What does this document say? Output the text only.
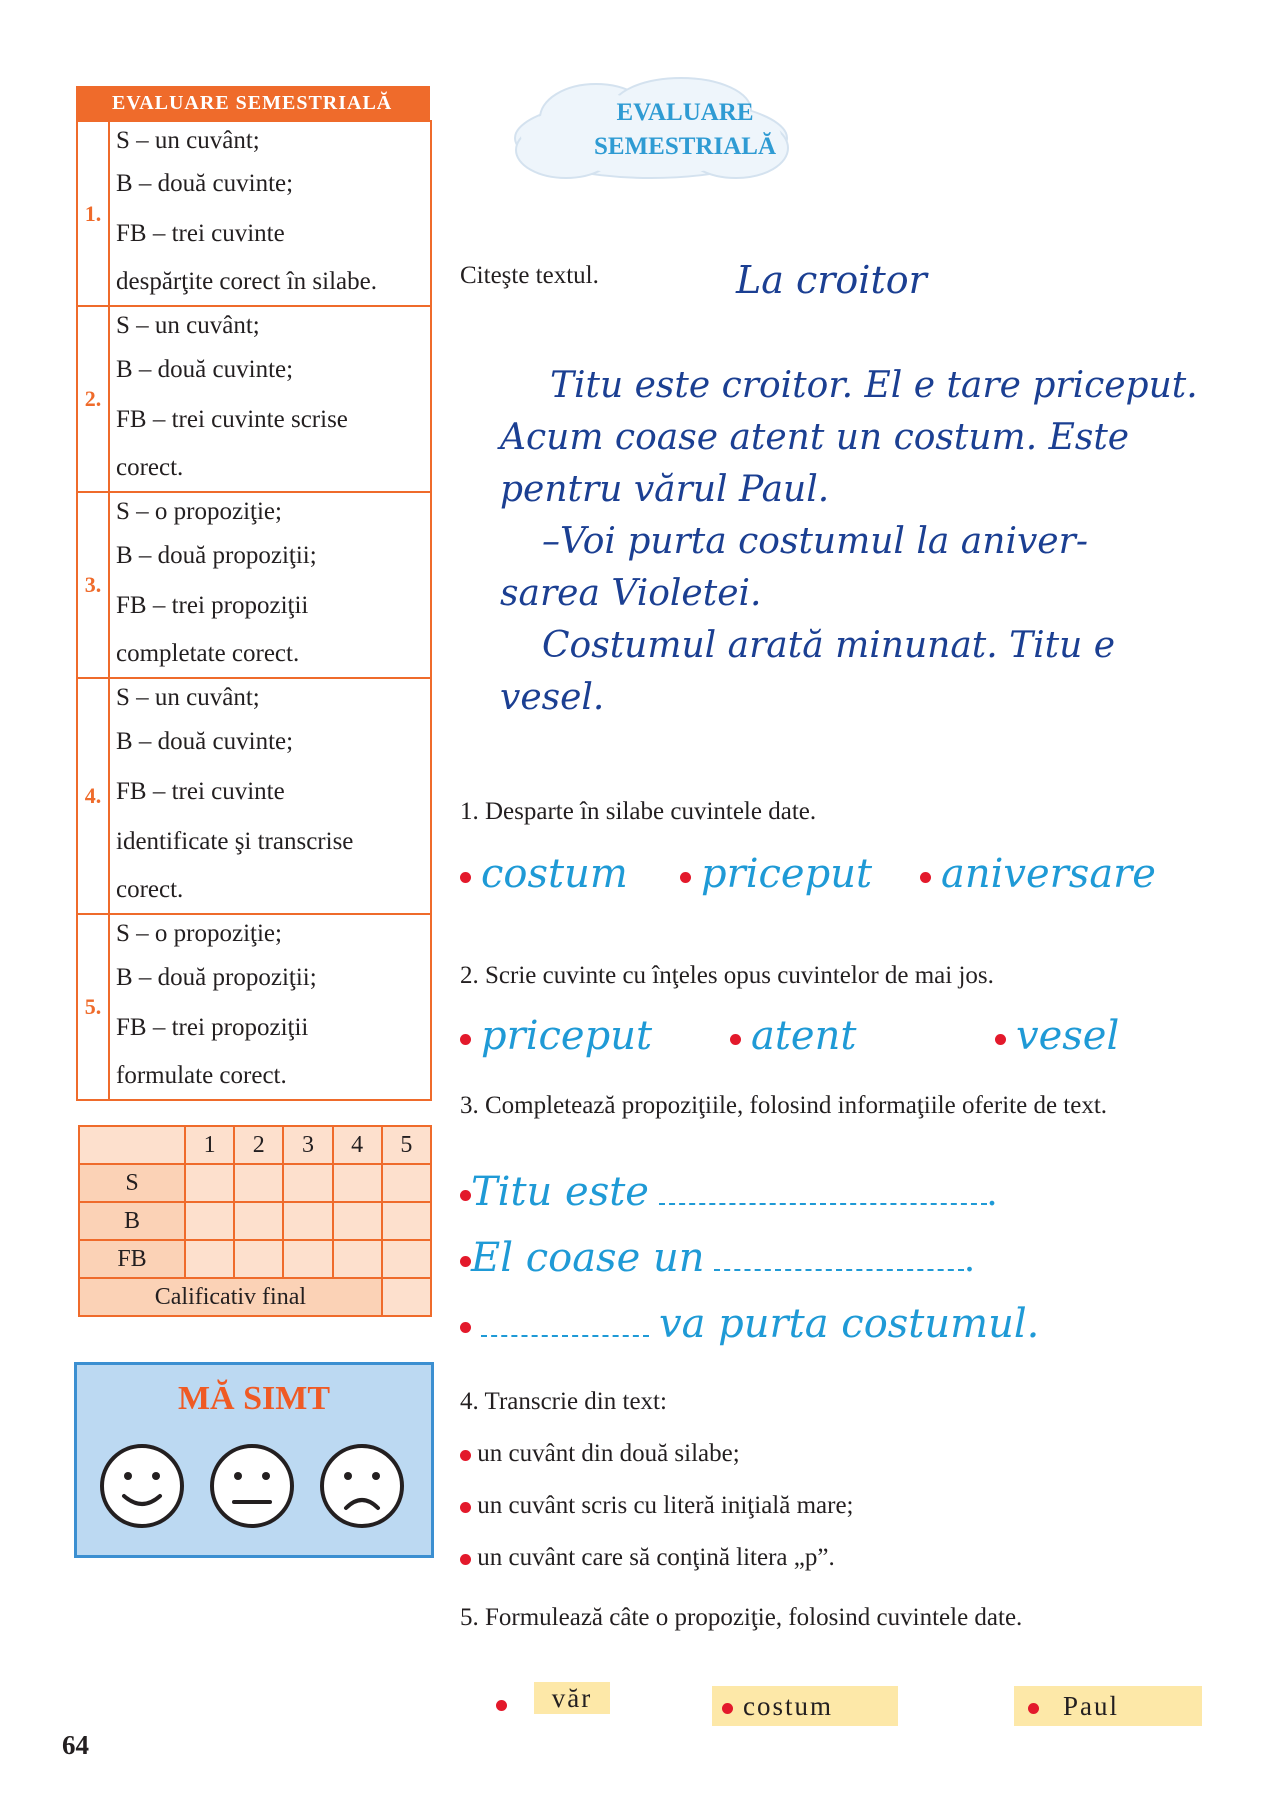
EVALUARE SEMESTRIALĂ
1.	S – un cuvânt;
B – două cuvinte;
FB – trei cuvinte
despărţite corect în silabe.

2.	S – un cuvânt;
B – două cuvinte;
FB – trei cuvinte scrise
corect.

3.	S – o propoziţie;
B – două propoziţii;
FB – trei propoziţii
completate corect.

4.	S – un cuvânt;
B – două cuvinte;
FB – trei cuvinte
identificate şi transcrise
corect.

5.	S – o propoziţie;
B – două propoziţii;
FB – trei propoziţii
formulate corect.
	1	2	3	4	5
S					
B					
FB					
Calificativ final					
MĂ SIMT
64
EVALUARE
SEMESTRIALĂ
Citeşte textul.	La croitor
Titu este croitor. El e tare priceput.
Acum coase atent un costum. Este
pentru vărul Paul.
–Voi purta costumul la aniver-
sarea Violetei.
Costumul arată minunat. Titu e
vesel.
1. Desparte în silabe cuvintele date.
costum	priceput	aniversare
2. Scrie cuvinte cu înţeles opus cuvintelor de mai jos.
priceput	atent	vesel
3. Completează propoziţiile, folosind informaţiile oferite de text.
Titu este	.
El coase un	.
va purta costumul.
4. Transcrie din text:
un cuvânt din două silabe;
un cuvânt scris cu literă iniţială mare;
un cuvânt care să conţină litera „p”.
5. Formulează câte o propoziţie, folosind cuvintele date.
văr	costum	Paul
